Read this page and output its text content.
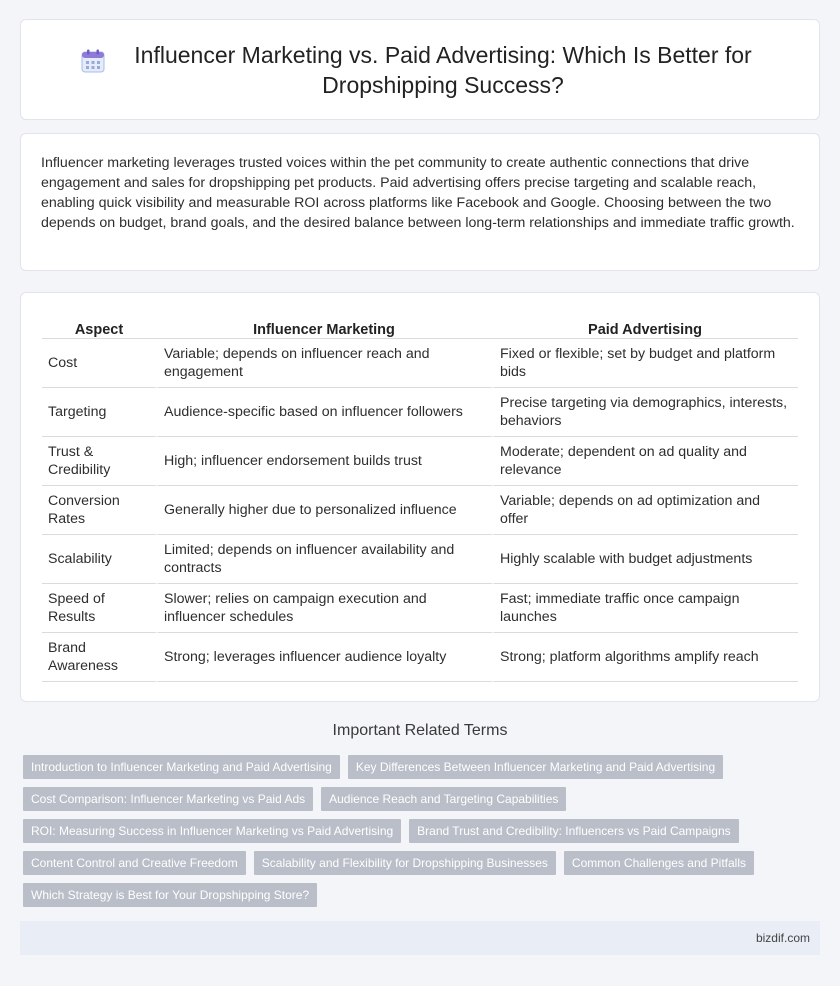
Influencer Marketing vs. Paid Advertising: Which Is Better for Dropshipping Success?

Influencer marketing leverages trusted voices within the pet community to create authentic connections that drive engagement and sales for dropshipping pet products. Paid advertising offers precise targeting and scalable reach, enabling quick visibility and measurable ROI across platforms like Facebook and Google. Choosing between the two depends on budget, brand goals, and the desired balance between long-term relationships and immediate traffic growth.

Aspect	Influencer Marketing	Paid Advertising
Cost	Variable; depends on influencer reach and engagement	Fixed or flexible; set by budget and platform bids
Targeting	Audience-specific based on influencer followers	Precise targeting via demographics, interests, behaviors
Trust & Credibility	High; influencer endorsement builds trust	Moderate; dependent on ad quality and relevance
Conversion Rates	Generally higher due to personalized influence	Variable; depends on ad optimization and offer
Scalability	Limited; depends on influencer availability and contracts	Highly scalable with budget adjustments
Speed of Results	Slower; relies on campaign execution and influencer schedules	Fast; immediate traffic once campaign launches
Brand Awareness	Strong; leverages influencer audience loyalty	Strong; platform algorithms amplify reach
Important Related Terms
Introduction to Influencer Marketing and Paid Advertising	Key Differences Between Influencer Marketing and Paid Advertising
Cost Comparison: Influencer Marketing vs Paid Ads	Audience Reach and Targeting Capabilities
ROI: Measuring Success in Influencer Marketing vs Paid Advertising	Brand Trust and Credibility: Influencers vs Paid Campaigns
Content Control and Creative Freedom	Scalability and Flexibility for Dropshipping Businesses	Common Challenges and Pitfalls
Which Strategy is Best for Your Dropshipping Store?
bizdif.com
